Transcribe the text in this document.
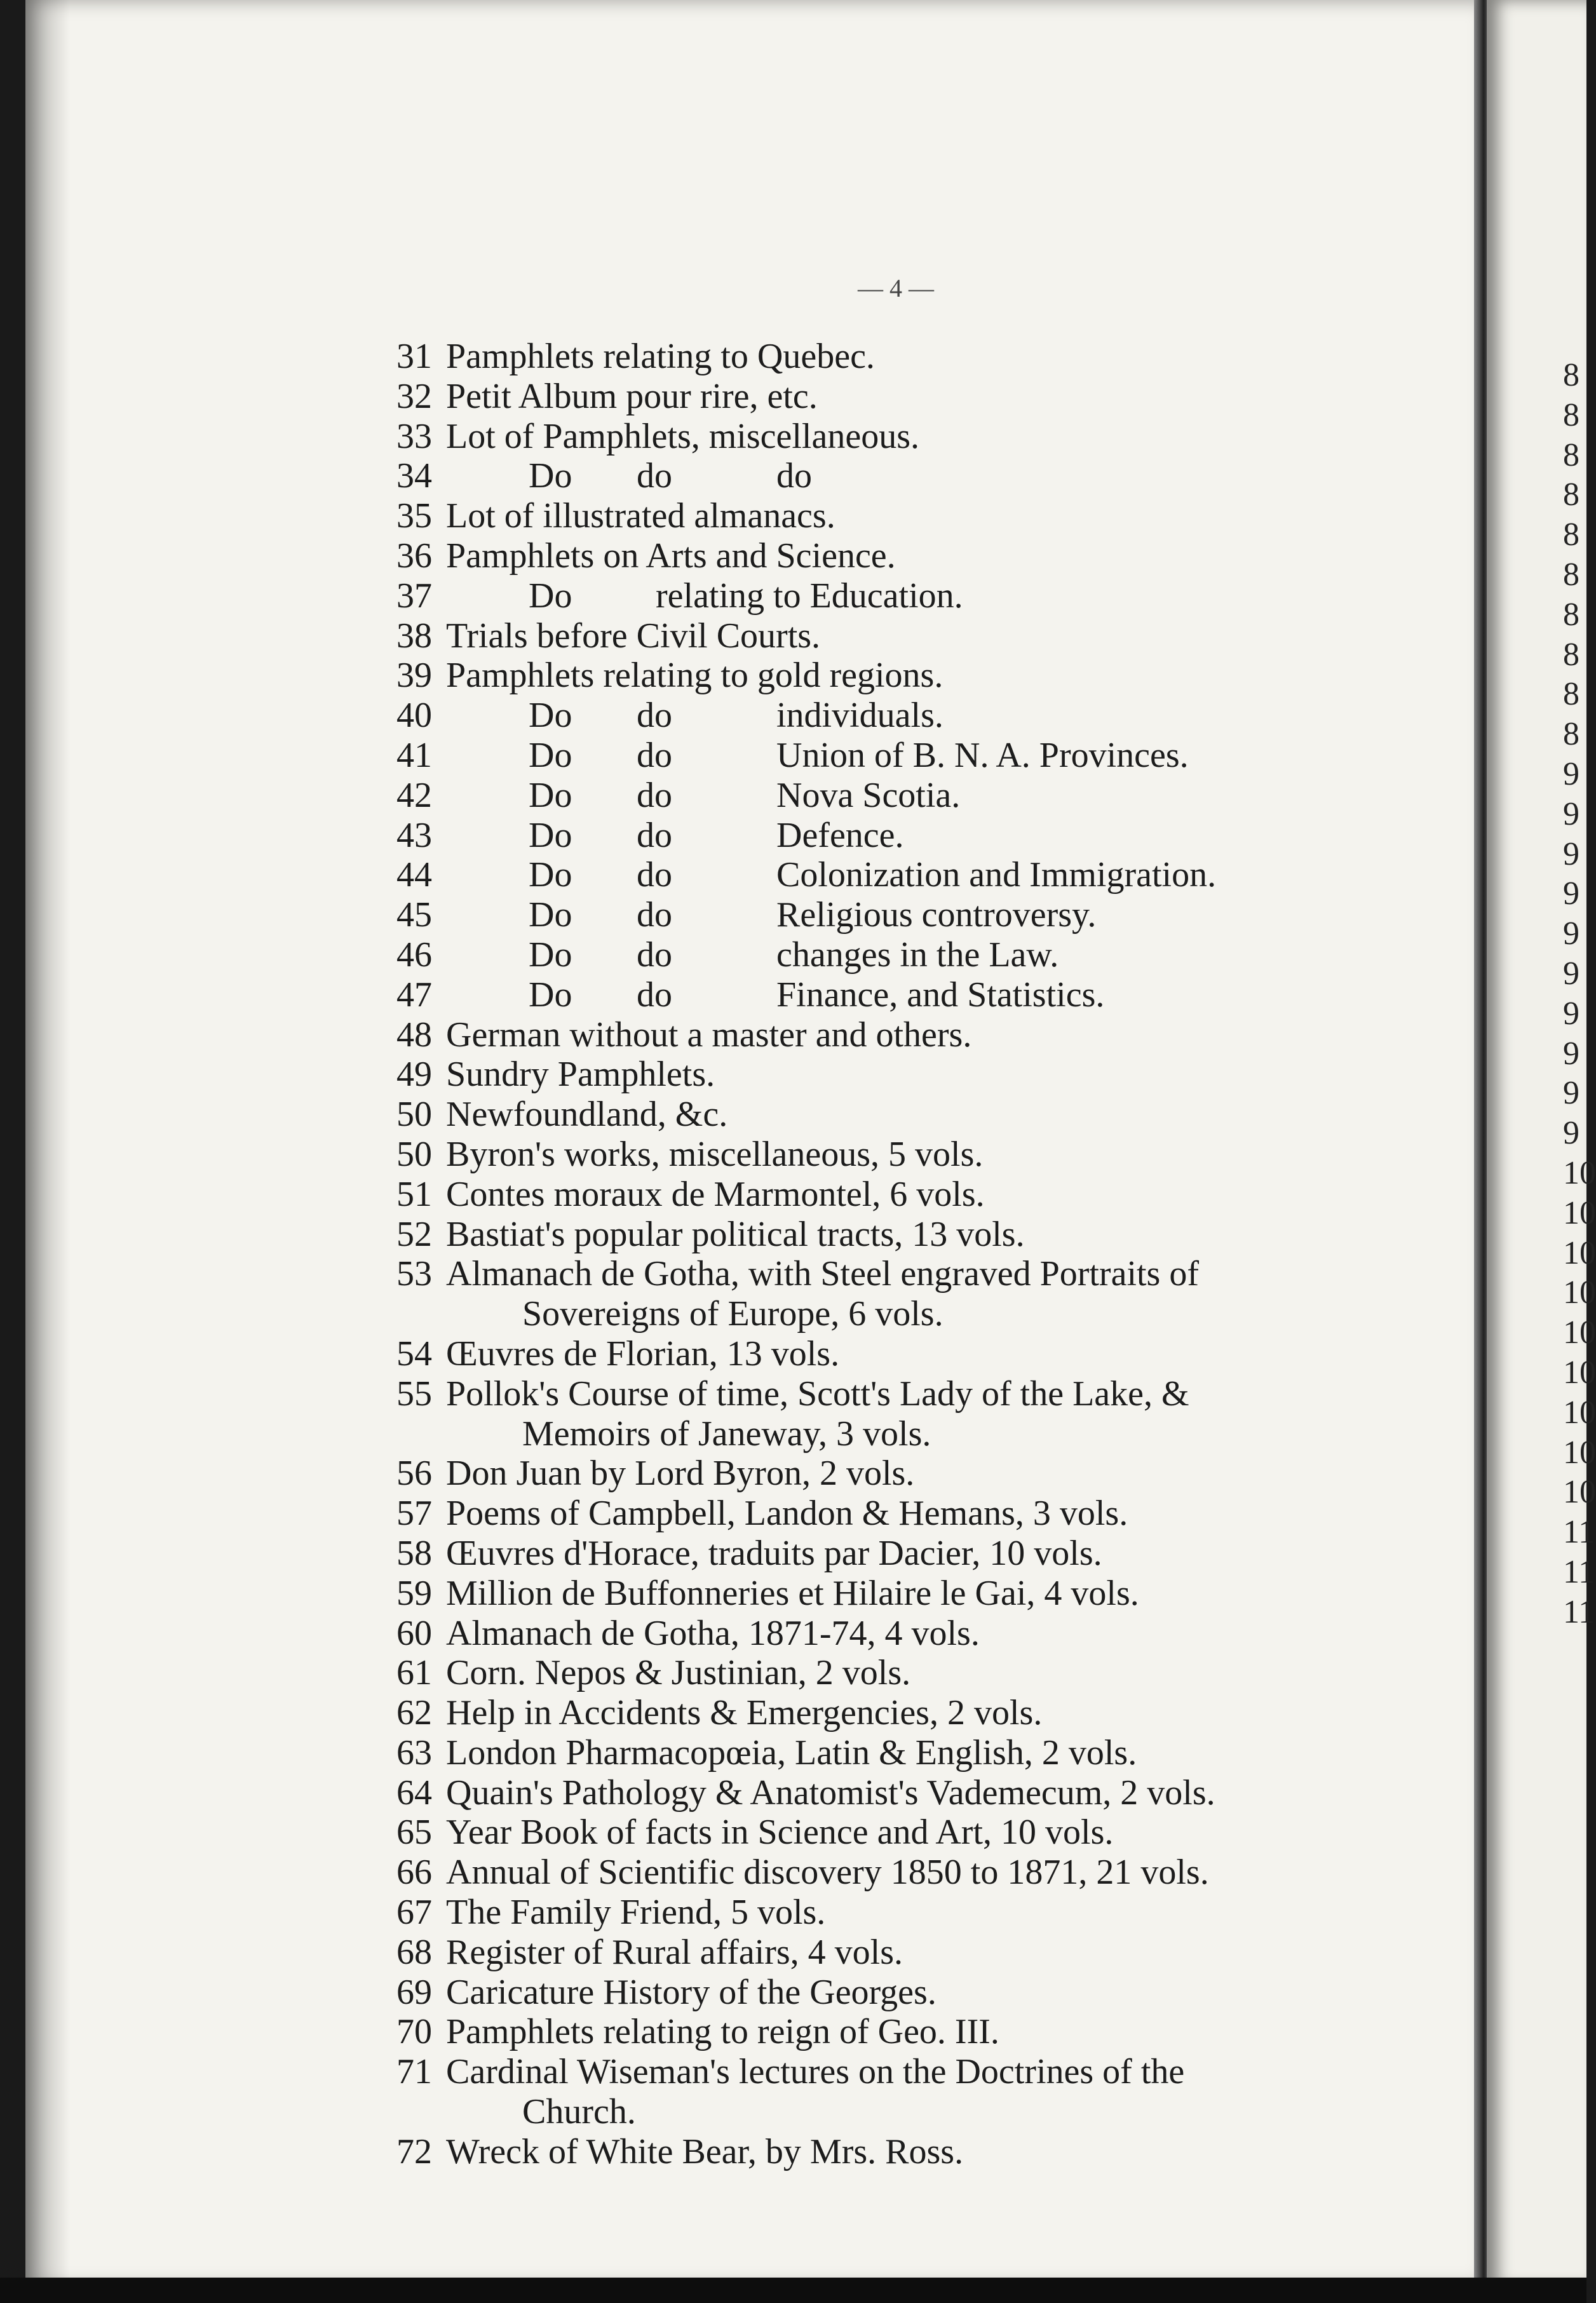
— 4 —
31 Pamphlets relating to Quebec.
32 Petit Album pour rire, etc.
33 Lot of Pamphlets, miscellaneous.
34	Do	do	do
35 Lot of illustrated almanacs.
36 Pamphlets on Arts and Science.
37	Do	relating to Education.
38 Trials before Civil Courts.
39 Pamphlets relating to gold regions.
40	Do	do	individuals.
41	Do	do	Union of B. N. A. Provinces.
42	Do	do	Nova Scotia.
43	Do	do	Defence.
44	Do	do	Colonization and Immigration.
45	Do	do	Religious controversy.
46	Do	do	changes in the Law.
47	Do	do	Finance, and Statistics.
48 German without a master and others.
49 Sundry Pamphlets.
50 Newfoundland, &c.
50 Byron's works, miscellaneous, 5 vols.
51 Contes moraux de Marmontel, 6 vols.
52 Bastiat's popular political tracts, 13 vols.
53 Almanach de Gotha, with Steel engraved Portraits of
Sovereigns of Europe, 6 vols.
54 Œuvres de Florian, 13 vols.
55 Pollok's Course of time, Scott's Lady of the Lake, &
Memoirs of Janeway, 3 vols.
56 Don Juan by Lord Byron, 2 vols.
57 Poems of Campbell, Landon & Hemans, 3 vols.
58 Œuvres d'Horace, traduits par Dacier, 10 vols.
59 Million de Buffonneries et Hilaire le Gai, 4 vols.
60 Almanach de Gotha, 1871-74, 4 vols.
61 Corn. Nepos & Justinian, 2 vols.
62 Help in Accidents & Emergencies, 2 vols.
63 London Pharmacopœia, Latin & English, 2 vols.
64 Quain's Pathology & Anatomist's Vademecum, 2 vols.
65 Year Book of facts in Science and Art, 10 vols.
66 Annual of Scientific discovery 1850 to 1871, 21 vols.
67 The Family Friend, 5 vols.
68 Register of Rural affairs, 4 vols.
69 Caricature History of the Georges.
70 Pamphlets relating to reign of Geo. III.
71 Cardinal Wiseman's lectures on the Doctrines of the
Church.
72 Wreck of White Bear, by Mrs. Ross.
8
8
8
8
8
8
8
8
8
8
9
9
9
9
9
9
9
9
9
9
10
10
10
10
10
10
10
10
10
11
11
11
